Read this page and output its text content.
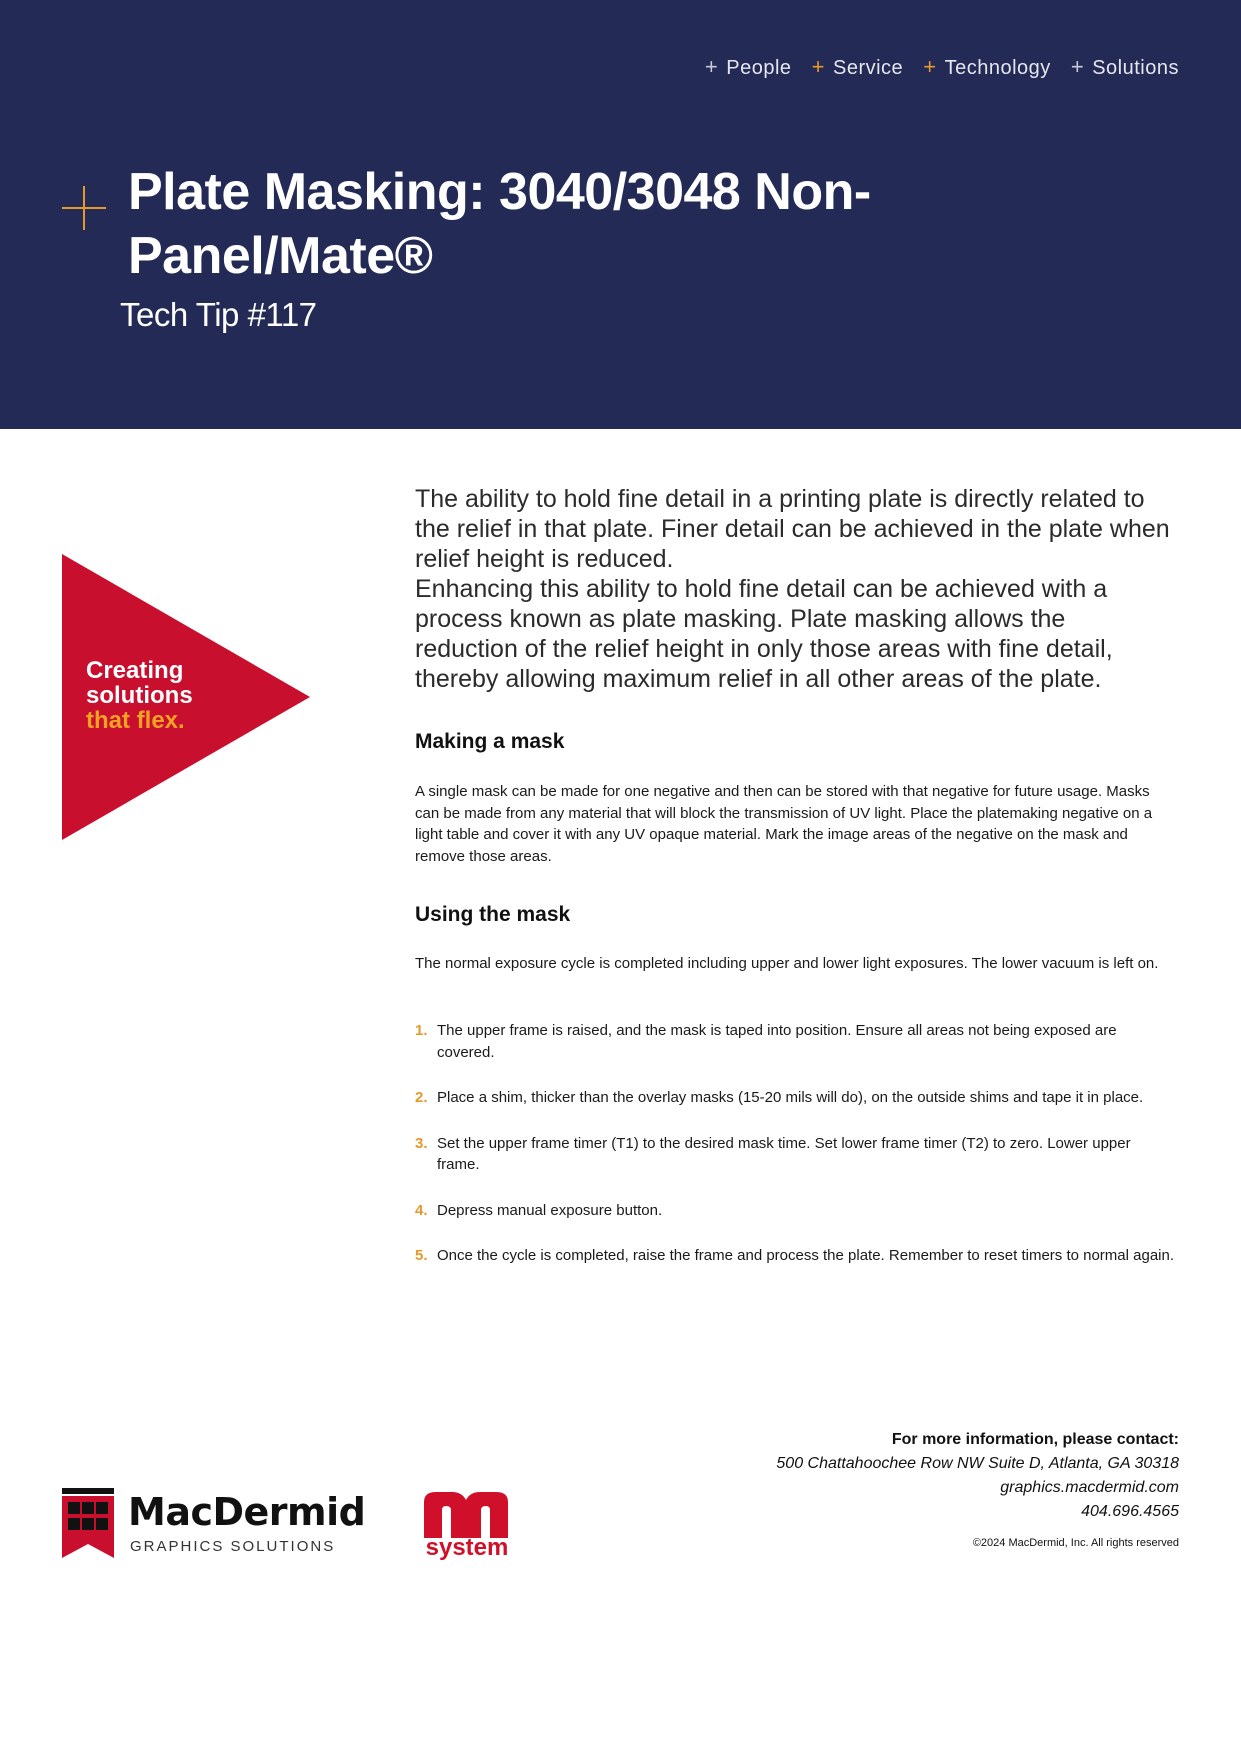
+ People + Service + Technology + Solutions
Plate Masking: 3040/3048 Non-
Panel/Mate®
Tech Tip #117
Creating
solutions
that flex.

The ability to hold fine detail in a printing plate is directly related to the relief in that plate. Finer detail can be achieved in the plate when relief height is reduced.

Enhancing this ability to hold fine detail can be achieved with a process known as plate masking. Plate masking allows the reduction of the relief height in only those areas with fine detail, thereby allowing maximum relief in all other areas of the plate.

Making a mask
A single mask can be made for one negative and then can be stored with that negative for future usage. Masks can be made from any material that will block the transmission of UV light. Place the platemaking negative on a light table and cover it with any UV opaque material. Mark the image areas of the negative on the mask and remove those areas.
Using the mask
The normal exposure cycle is completed including upper and lower light exposures. The lower vacuum is left on.
1. The upper frame is raised, and the mask is taped into position. Ensure all areas not being exposed are covered.
2. Place a shim, thicker than the overlay masks (15-20 mils will do), on the outside shims and tape it in place.
3. Set the upper frame timer (T1) to the desired mask time. Set lower frame timer (T2) to zero. Lower upper frame.
4. Depress manual exposure button.
5. Once the cycle is completed, raise the frame and process the plate. Remember to reset timers to normal again.
For more information, please contact:
500 Chattahoochee Row NW Suite D, Atlanta, GA 30318
graphics.macdermid.com
404.696.4565
©2024 MacDermid, Inc. All rights reserved
MacDermid
GRAPHICS SOLUTIONS	system
